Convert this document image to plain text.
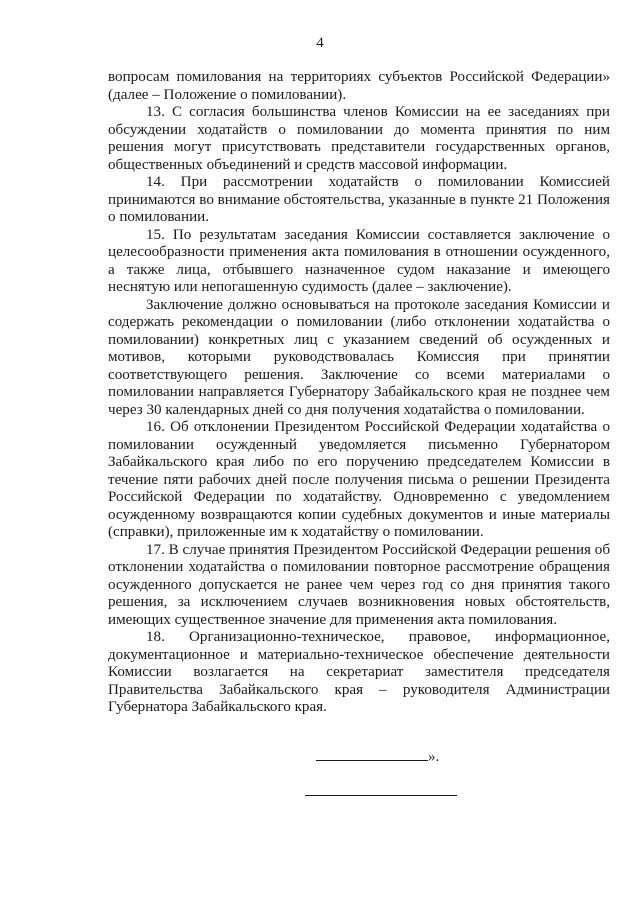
4

вопросам помилования на территориях субъектов Российской Федерации» (далее – Положение о помиловании).

13. С согласия большинства членов Комиссии на ее заседаниях при обсуждении ходатайств о помиловании до момента принятия по ним решения могут присутствовать представители государственных органов, общественных объединений и средств массовой информации.

14. При рассмотрении ходатайств о помиловании Комиссией принимаются во внимание обстоятельства, указанные в пункте 21 Положения о помиловании.

15. По результатам заседания Комиссии составляется заключение о целесообразности применения акта помилования в отношении осужденного, а также лица, отбывшего назначенное судом наказание и имеющего неснятую или непогашенную судимость (далее – заключение).

Заключение должно основываться на протоколе заседания Комиссии и содержать рекомендации о помиловании (либо отклонении ходатайства о помиловании) конкретных лиц с указанием сведений об осужденных и мотивов, которыми руководствовалась Комиссия при принятии соответствующего решения. Заключение со всеми материалами о помиловании направляется Губернатору Забайкальского края не позднее чем через 30 календарных дней со дня получения ходатайства о помиловании.

16. Об отклонении Президентом Российской Федерации ходатайства о помиловании осужденный уведомляется письменно Губернатором Забайкальского края либо по его поручению председателем Комиссии в течение пяти рабочих дней после получения письма о решении Президента Российской Федерации по ходатайству. Одновременно с уведомлением осужденному возвращаются копии судебных документов и иные материалы (справки), приложенные им к ходатайству о помиловании.

17. В случае принятия Президентом Российской Федерации решения об отклонении ходатайства о помиловании повторное рассмотрение обращения осужденного допускается не ранее чем через год со дня принятия такого решения, за исключением случаев возникновения новых обстоятельств, имеющих существенное значение для применения акта помилования.

18. Организационно-техническое, правовое, информационное, документационное и материально-техническое обеспечение деятельности Комиссии возлагается на секретариат заместителя председателя Правительства Забайкальского края – руководителя Администрации Губернатора Забайкальского края.

».
